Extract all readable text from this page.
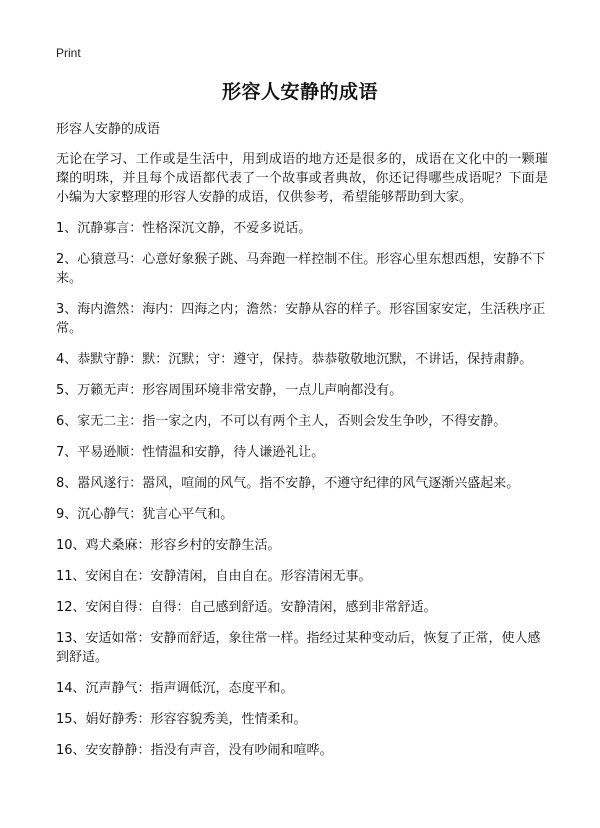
Print
形容人安静的成语
形容人安静的成语

无论在学习、工作或是生活中，用到成语的地方还是很多的，成语在文化中的一颗璀璨的明珠，并且每个成语都代表了一个故事或者典故，你还记得哪些成语呢？下面是小编为大家整理的形容人安静的成语，仅供参考，希望能够帮助到大家。

1、沉静寡言：性格深沉文静，不爱多说话。

2、心猿意马：心意好象猴子跳、马奔跑一样控制不住。形容心里东想西想，安静不下来。

3、海内澹然：海内：四海之内；澹然：安静从容的样子。形容国家安定，生活秩序正常。

4、恭默守静：默：沉默；守：遵守，保持。恭恭敬敬地沉默，不讲话，保持肃静。

5、万籁无声：形容周围环境非常安静，一点儿声响都没有。

6、家无二主：指一家之内，不可以有两个主人，否则会发生争吵，不得安静。

7、平易逊顺：性情温和安静，待人谦逊礼让。

8、嚣风遂行：嚣风，喧闹的风气。指不安静，不遵守纪律的风气逐渐兴盛起来。

9、沉心静气：犹言心平气和。

10、鸡犬桑麻：形容乡村的安静生活。

11、安闲自在：安静清闲，自由自在。形容清闲无事。

12、安闲自得：自得：自己感到舒适。安静清闲，感到非常舒适。

13、安适如常：安静而舒适，象往常一样。指经过某种变动后，恢复了正常，使人感到舒适。

14、沉声静气：指声调低沉，态度平和。

15、娟好静秀：形容容貌秀美，性情柔和。

16、安安静静：指没有声音，没有吵闹和喧哗。
